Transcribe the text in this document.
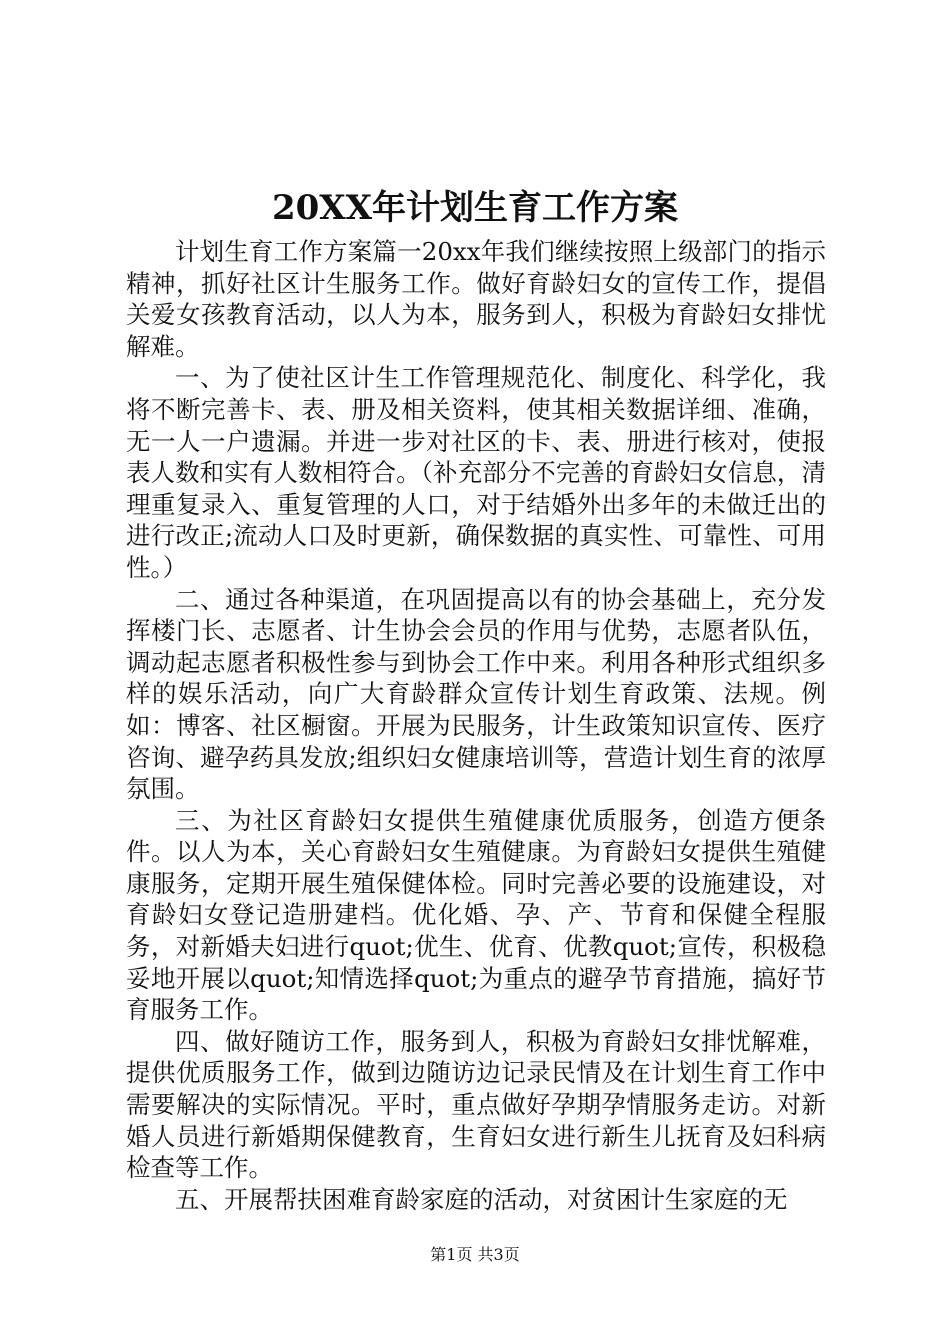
20XX年计划生育工作方案

计划生育工作方案篇一20xx年我们继续按照上级部门的指示精神，抓好社区计生服务工作。做好育龄妇女的宣传工作，提倡关爱女孩教育活动，以人为本，服务到人，积极为育龄妇女排忧解难。

一、为了使社区计生工作管理规范化、制度化、科学化，我将不断完善卡、表、册及相关资料，使其相关数据详细、准确，无一人一户遗漏。并进一步对社区的卡、表、册进行核对，使报表人数和实有人数相符合。（补充部分不完善的育龄妇女信息，清理重复录入、重复管理的人口，对于结婚外出多年的未做迁出的进行改正;流动人口及时更新，确保数据的真实性、可靠性、可用性。）

二、通过各种渠道，在巩固提高以有的协会基础上，充分发挥楼门长、志愿者、计生协会会员的作用与优势，志愿者队伍，调动起志愿者积极性参与到协会工作中来。利用各种形式组织多样的娱乐活动，向广大育龄群众宣传计划生育政策、法规。例如：博客、社区橱窗。开展为民服务，计生政策知识宣传、医疗咨询、避孕药具发放;组织妇女健康培训等，营造计划生育的浓厚氛围。

三、为社区育龄妇女提供生殖健康优质服务，创造方便条件。以人为本，关心育龄妇女生殖健康。为育龄妇女提供生殖健康服务，定期开展生殖保健体检。同时完善必要的设施建设，对育龄妇女登记造册建档。优化婚、孕、产、节育和保健全程服务，对新婚夫妇进行quot;优生、优育、优教quot;宣传，积极稳妥地开展以quot;知情选择quot;为重点的避孕节育措施，搞好节育服务工作。

四、做好随访工作，服务到人，积极为育龄妇女排忧解难，提供优质服务工作，做到边随访边记录民情及在计划生育工作中需要解决的实际情况。平时，重点做好孕期孕情服务走访。对新婚人员进行新婚期保健教育，生育妇女进行新生儿抚育及妇科病检查等工作。

五、开展帮扶困难育龄家庭的活动，对贫困计生家庭的无

第1页 共3页
